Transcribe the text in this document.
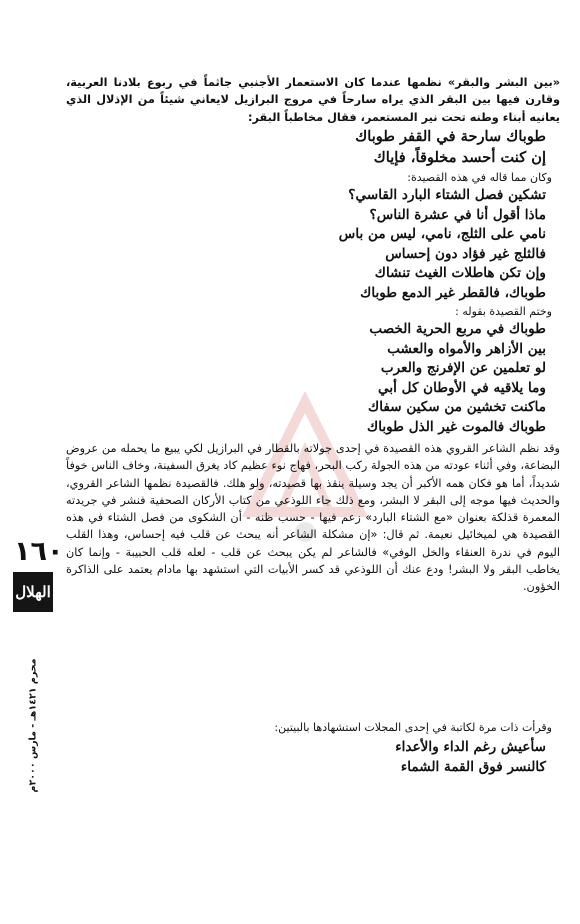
«بين البشر والبقر» نظمها عندما كان الاستعمار الأجنبي جاثماً في ربوع بلادنا العربية، وقارن فيها بين البقر الذي يراه سارحاً في مروج البرازيل لايعاني شيئاً من الإذلال الذي يعانيه أبناء وطنه تحت نير المستعمر، فقال مخاطباً البقر:

طوباك سارحة في القفر طوباك

إن كنت أحسد مخلوقاً، فإياك

وكان مما قاله في هذه القصيدة:

تشكين فصل الشتاء البارد القاسي؟

ماذا أقول أنا في عشرة الناس؟

نامي على الثلج، نامي، ليس من باس

فالثلج غير فؤاد دون إحساس

وإن تكن هاطلات الغيث تنشاك

طوباك، فالقطر غير الدمع طوباك

وختم القصيدة بقوله :

طوباك في مربع الحرية الخصب

بين الأزاهر والأمواه والعشب

لو تعلمين عن الإفرنج والعرب

وما يلاقيه في الأوطان كل أبي

ماكنت تخشين من سكين سفاك

طوباك فالموت غير الذل طوباك

وقد نظم الشاعر القروي هذه القصيدة في إحدى جولاته بالقطار في البرازيل لكي يبيع ما يحمله من عروض البضاعة، وفي أثناء عودته من هذه الجولة ركب البحر، فهاج نوء عظيم كاد يغرق السفينة، وخاف الناس خوفاً شديداً، أما هو فكان همه الأكبر أن يجد وسيلة ينقذ بها قصيدته، ولو هلك. فالقصيدة نظمها الشاعر القروي، والحديث فيها موجه إلى البقر لا البشر، ومع ذلك جاء اللوذعي من كتاب الأركان الصحفية فنشر في جريدته المعمرة قذلكة بعنوان «مع الشتاء البارد» زعم فيها - حسب ظنه - أن الشكوى من فصل الشتاء في هذه القصيدة هي لميخائيل نعيمة. ثم قال: «إن مشكلة الشاعر أنه يبحث عن قلب فيه إحساس، وهذا القلب اليوم في ندرة العنقاء والخل الوفي» فالشاعر لم يكن يبحث عن قلب - لعله قلب الحبيبة - وإنما كان يخاطب البقر ولا البشر! ودع عنك أن اللوذعي قد كسر الأبيات التي استشهد بها مادام يعتمد على الذاكرة الخؤون.

وقرأت ذات مرة لكاتبة في إحدى المجلات استشهادها بالبيتين:

سأعيش رغم الداء والأعداء

كالنسر فوق القمة الشماء

١٦٠
الهلال
محرم ١٤٢١هـ - مارس ٢٠٠٠م
